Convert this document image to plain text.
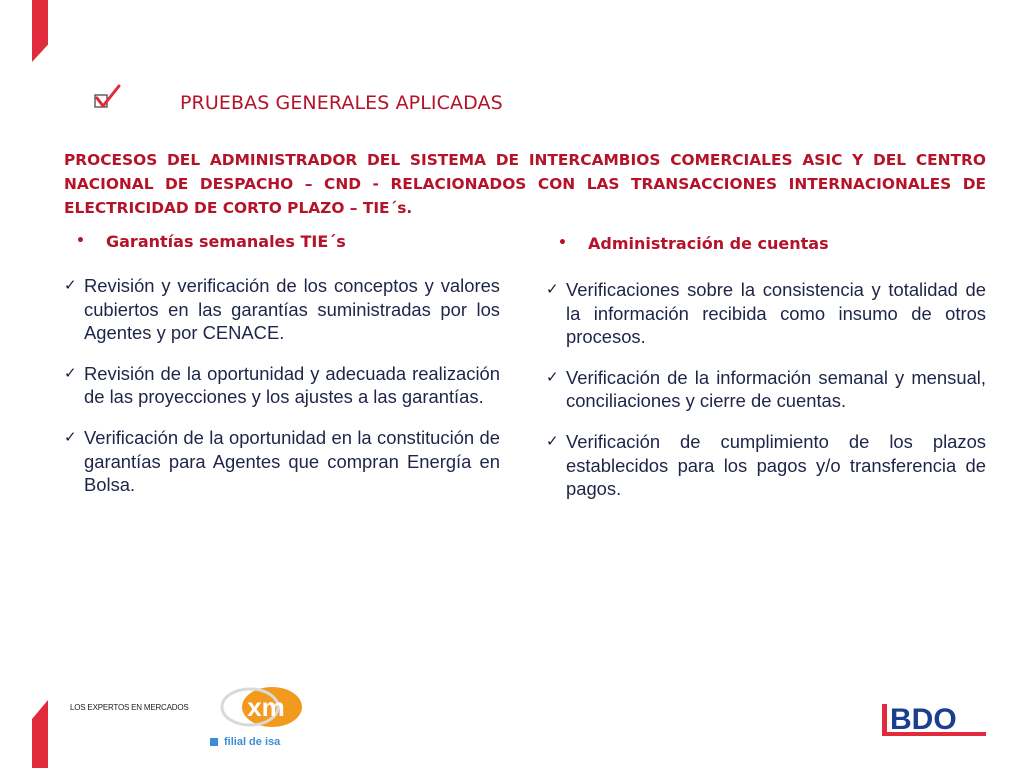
PRUEBAS GENERALES APLICADAS
PROCESOS DEL ADMINISTRADOR DEL SISTEMA DE INTERCAMBIOS COMERCIALES ASIC Y DEL CENTRO NACIONAL DE DESPACHO – CND - RELACIONADOS CON LAS TRANSACCIONES INTERNACIONALES DE ELECTRICIDAD DE CORTO PLAZO – TIE´s.
•	Garantías semanales TIE´s
✓ Revisión y verificación de los conceptos y valores cubiertos en las garantías suministradas por los Agentes y por CENACE.
✓ Revisión de la oportunidad y adecuada realización de las proyecciones y los ajustes a las garantías.
✓ Verificación de la oportunidad en la constitución de garantías para Agentes que compran Energía en Bolsa.
•	Administración de cuentas
✓ Verificaciones sobre la consistencia y totalidad de la información recibida como insumo de otros procesos.
✓ Verificación de la información semanal y mensual, conciliaciones y cierre de cuentas.
✓ Verificación de cumplimiento de los plazos establecidos para los pagos y/o transferencia de pagos.
LOS EXPERTOS EN MERCADOS xm
filial de isa
BDO
